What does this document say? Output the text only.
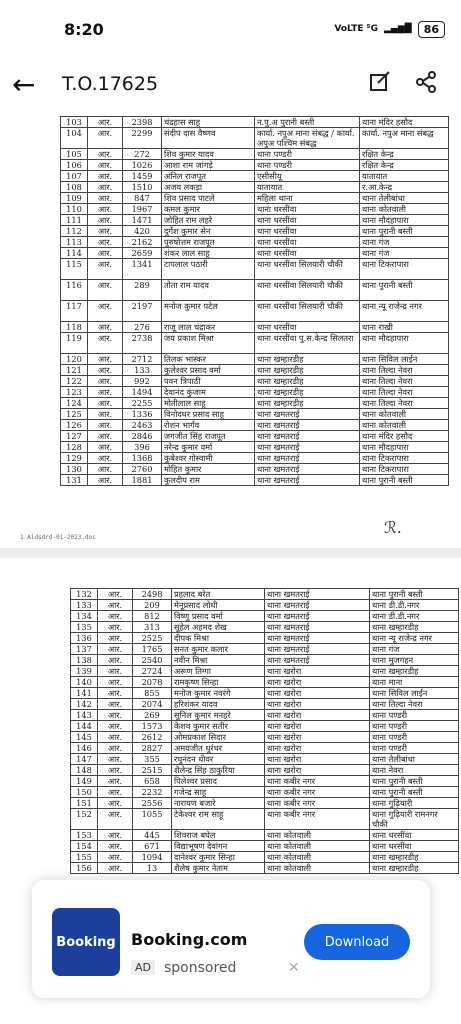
8:20	VoLTE ⁵G ▂▄▆█	86
←	T.O.17625
103	आर.	2398	चंद्रहास साहू	न.पु.अ पुरानी बस्ती	थाना मंदिर हसौद
104	आर.	2299	संदीप दास वैष्णव	कार्या. नपुअ माना संबद्ध / कार्या. अपुअ पश्चिम संबद्ध	कार्या. नपुअ माना संबद्ध
105	आर.	272	शिव कुमार यादव	थाना पण्डरी	रक्षित केन्द्र
106	आर.	1026	आशा राम जांगड़े	थाना पण्डरी	रक्षित केन्द्र
107	आर.	1459	अनिल राजपूत	एसीसीयू	यातायात
108	आर.	1510	अजय लकड़ा	यातायात	र.आ.केन्द्र
109	आर.	847	शिव प्रसाद पाटले	महिला थाना	थाना तेलीबांधा
110	आर.	1967	कमल कुमार	थाना धरसींवा	थाना कोतवाली
111	आर.	1471	जोहित राम लहरे	थाना धरसींवा	थाना मौदहापारा
112	आर.	420	दुर्गेश कुमार सेन	थाना धरसींवा	थाना पुरानी बस्ती
113	आर.	2162	पुरुषोत्तम राजपूत	थाना धरसींवा	थाना गंज
114	आर.	2659	शंकर लाल साहू	थाना धरसींवा	थाना गंज
115	आर.	1341	टापलाल पठारी	थाना धरसींवा सिलयारी चौकी	थाना टिकरापारा
116	आर.	289	तोता राम यादव	थाना धरसींवा सिलयारी चौकी	थाना पुरानी बस्ती
117	आर.	2197	मनोज कुमार पटेल	थाना धरसींवा सिलयारी चौकी	थाना न्यू राजेन्द्र नगर
118	आर.	276	राजू लाल चंद्राकर	थाना धरसींवा	थाना राखी
119	आर.	2738	जय प्रकाश मिश्रा	थाना धरसींवा पु.स.केन्द्र सिलतरा	थाना मौदहापारा
120	आर.	2712	तिलक भास्कर	थाना खम्हारडीह	थाना सिविल लाईन
121	आर.	133	कुलेश्वर प्रसाद वर्मा	थाना खम्हारडीह	थाना तिल्दा नेवरा
122	आर.	992	पवन त्रिपाठी	थाना खम्हारडीह	थाना तिल्दा नेवरा
123	आर.	1494	देवानंद कुंजाम	थाना खम्हारडीह	थाना तिल्दा नेवरा
124	आर.	2255	मोतीलाल साहू	थाना खम्हारडीह	थाना तिल्दा नेवरा
125	आर.	1336	विनोदधर प्रसाद साहू	थाना खमतराई	थाना कोतवाली
126	आर.	2463	रोशन भार्गव	थाना खमतराई	थाना कोतवाली
127	आर.	2846	जगजीत सिंह राजपूत	थाना खमतराई	थाना मंदिर हसौद
128	आर.	396	नरेन्द्र कुमार वर्मा	थाना खमतराई	थाना मौदहापारा
129	आर.	1368	कुबेश्वर गोस्वामी	थाना खमतराई	थाना टिकरापारा
130	आर.	2760	मोहित कुमार	थाना खमतराई	थाना टिकरापारा
131	आर.	1881	कुलदीप राम	थाना खमतराई	थाना पुरानी बस्ती
1 Aidsdrd-01-2023.doc
ℛ.
132	आर.	2498	प्रहलाद बरेत	थाना खमतराई	थाना पुरानी बस्ती
133	आर.	209	मेनूप्रसाद लोधी	थाना खमतराई	थाना डी.डी.नगर
134	आर.	812	विष्णु प्रसाद वर्मा	थाना खमतराई	थाना डी.डी.नगर
135	आर.	313	सुहेल अहमद शेख	थाना खमतराई	थाना खम्हारडीह
136	आर.	2525	दीपक मिश्रा	थाना खमतराई	थाना न्यू राजेन्द्र नगर
137	आर.	1765	सनत कुमार कलार	थाना खमतराई	थाना गंज
138	आर.	2540	नवीन मिश्रा	थाना खमतराई	थाना मुजगहन
139	आर.	2724	अरूण तिग्गा	थाना खरोरा	थाना खम्हारडीह
140	आर.	2078	रामकृष्ण सिन्हा	थाना खरोरा	थाना माना
141	आर.	855	मनोज कुमार नवरंगे	थाना खरोरा	थाना सिविल लाईन
142	आर.	2074	हरिशंकर यादव	थाना खरोरा	थाना तिल्दा नेवरा
143	आर.	269	सुनिल कुमार मनहरे	थाना खरोरा	थाना पण्डरी
144	आर.	1573	केशव कुमार सतीर	थाना खरोरा	थाना पण्डरी
145	आर.	2612	ओमप्रकाश सिदार	थाना खरोरा	थाना पण्डरी
146	आर.	2827	अमयजीत धुरंधर	थाना खरोरा	थाना पण्डरी
147	आर.	355	रघुनंदन धीवर	थाना खरोरा	थाना तेलीबांधा
148	आर.	2515	शैलेन्द्र सिंह ठाकुरिया	थाना खरोरा	थाना नेवरा
149	आर.	658	पिलेश्वर प्रसाद	थाना कबीर नगर	थाना पुरानी बस्ती
150	आर.	2232	गजेन्द्र साहू	थाना कबीर नगर	थाना पुरानी बस्ती
151	आर.	2556	नारायण बजारे	थाना कबीर नगर	थाना गुढ़ियारी
152	आर.	1055	टेकेश्वर राम साहू	थाना कबीर नगर	थाना गुढ़ियारी रामनगर चौकी
153	आर.	445	शिवराज बघेल	थाना कोतवाली	थाना धरसींवा
154	आर.	671	विद्याभूषण देवांगन	थाना कोतवाली	थाना धरसींवा
155	आर.	1094	दानेश्वर कुमार सिन्हा	थाना कोतवाली	थाना खम्हारडीह
156	आर.	13	शैलेष कुमार नेताम	थाना कोतवाली	थाना खम्हारडीह
Booking Booking.com
AD sponsored	✕
Download
